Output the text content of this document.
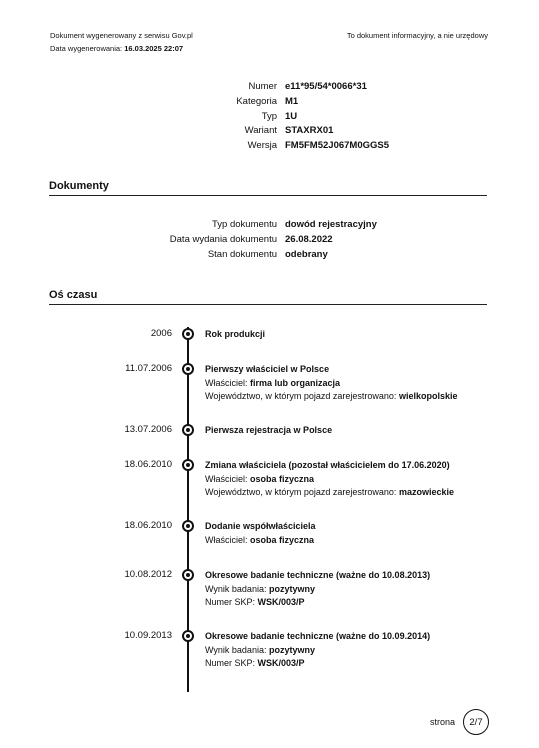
Dokument wygenerowany z serwisu Gov.pl
Data wygenerowania: 16.03.2025 22:07
To dokument informacyjny, a nie urzędowy
Numer e11*95/54*0066*31
Kategoria M1
Typ 1U
Wariant STAXRX01
Wersja FM5FM52J067M0GGS5
Dokumenty
Typ dokumentu dowód rejestracyjny
Data wydania dokumentu 26.08.2022
Stan dokumentu odebrany
Oś czasu
2006	Rok produkcji
11.07.2006	Pierwszy właściciel w Polsce
Właściciel: firma lub organizacja
Województwo, w którym pojazd zarejestrowano: wielkopolskie
13.07.2006	Pierwsza rejestracja w Polsce
18.06.2010	Zmiana właściciela (pozostał właścicielem do 17.06.2020)
Właściciel: osoba fizyczna
Województwo, w którym pojazd zarejestrowano: mazowieckie
18.06.2010	Dodanie współwłaściciela
Właściciel: osoba fizyczna
10.08.2012	Okresowe badanie techniczne (ważne do 10.08.2013)
Wynik badania: pozytywny
Numer SKP: WSK/003/P
10.09.2013	Okresowe badanie techniczne (ważne do 10.09.2014)
Wynik badania: pozytywny
Numer SKP: WSK/003/P
strona	2/7
